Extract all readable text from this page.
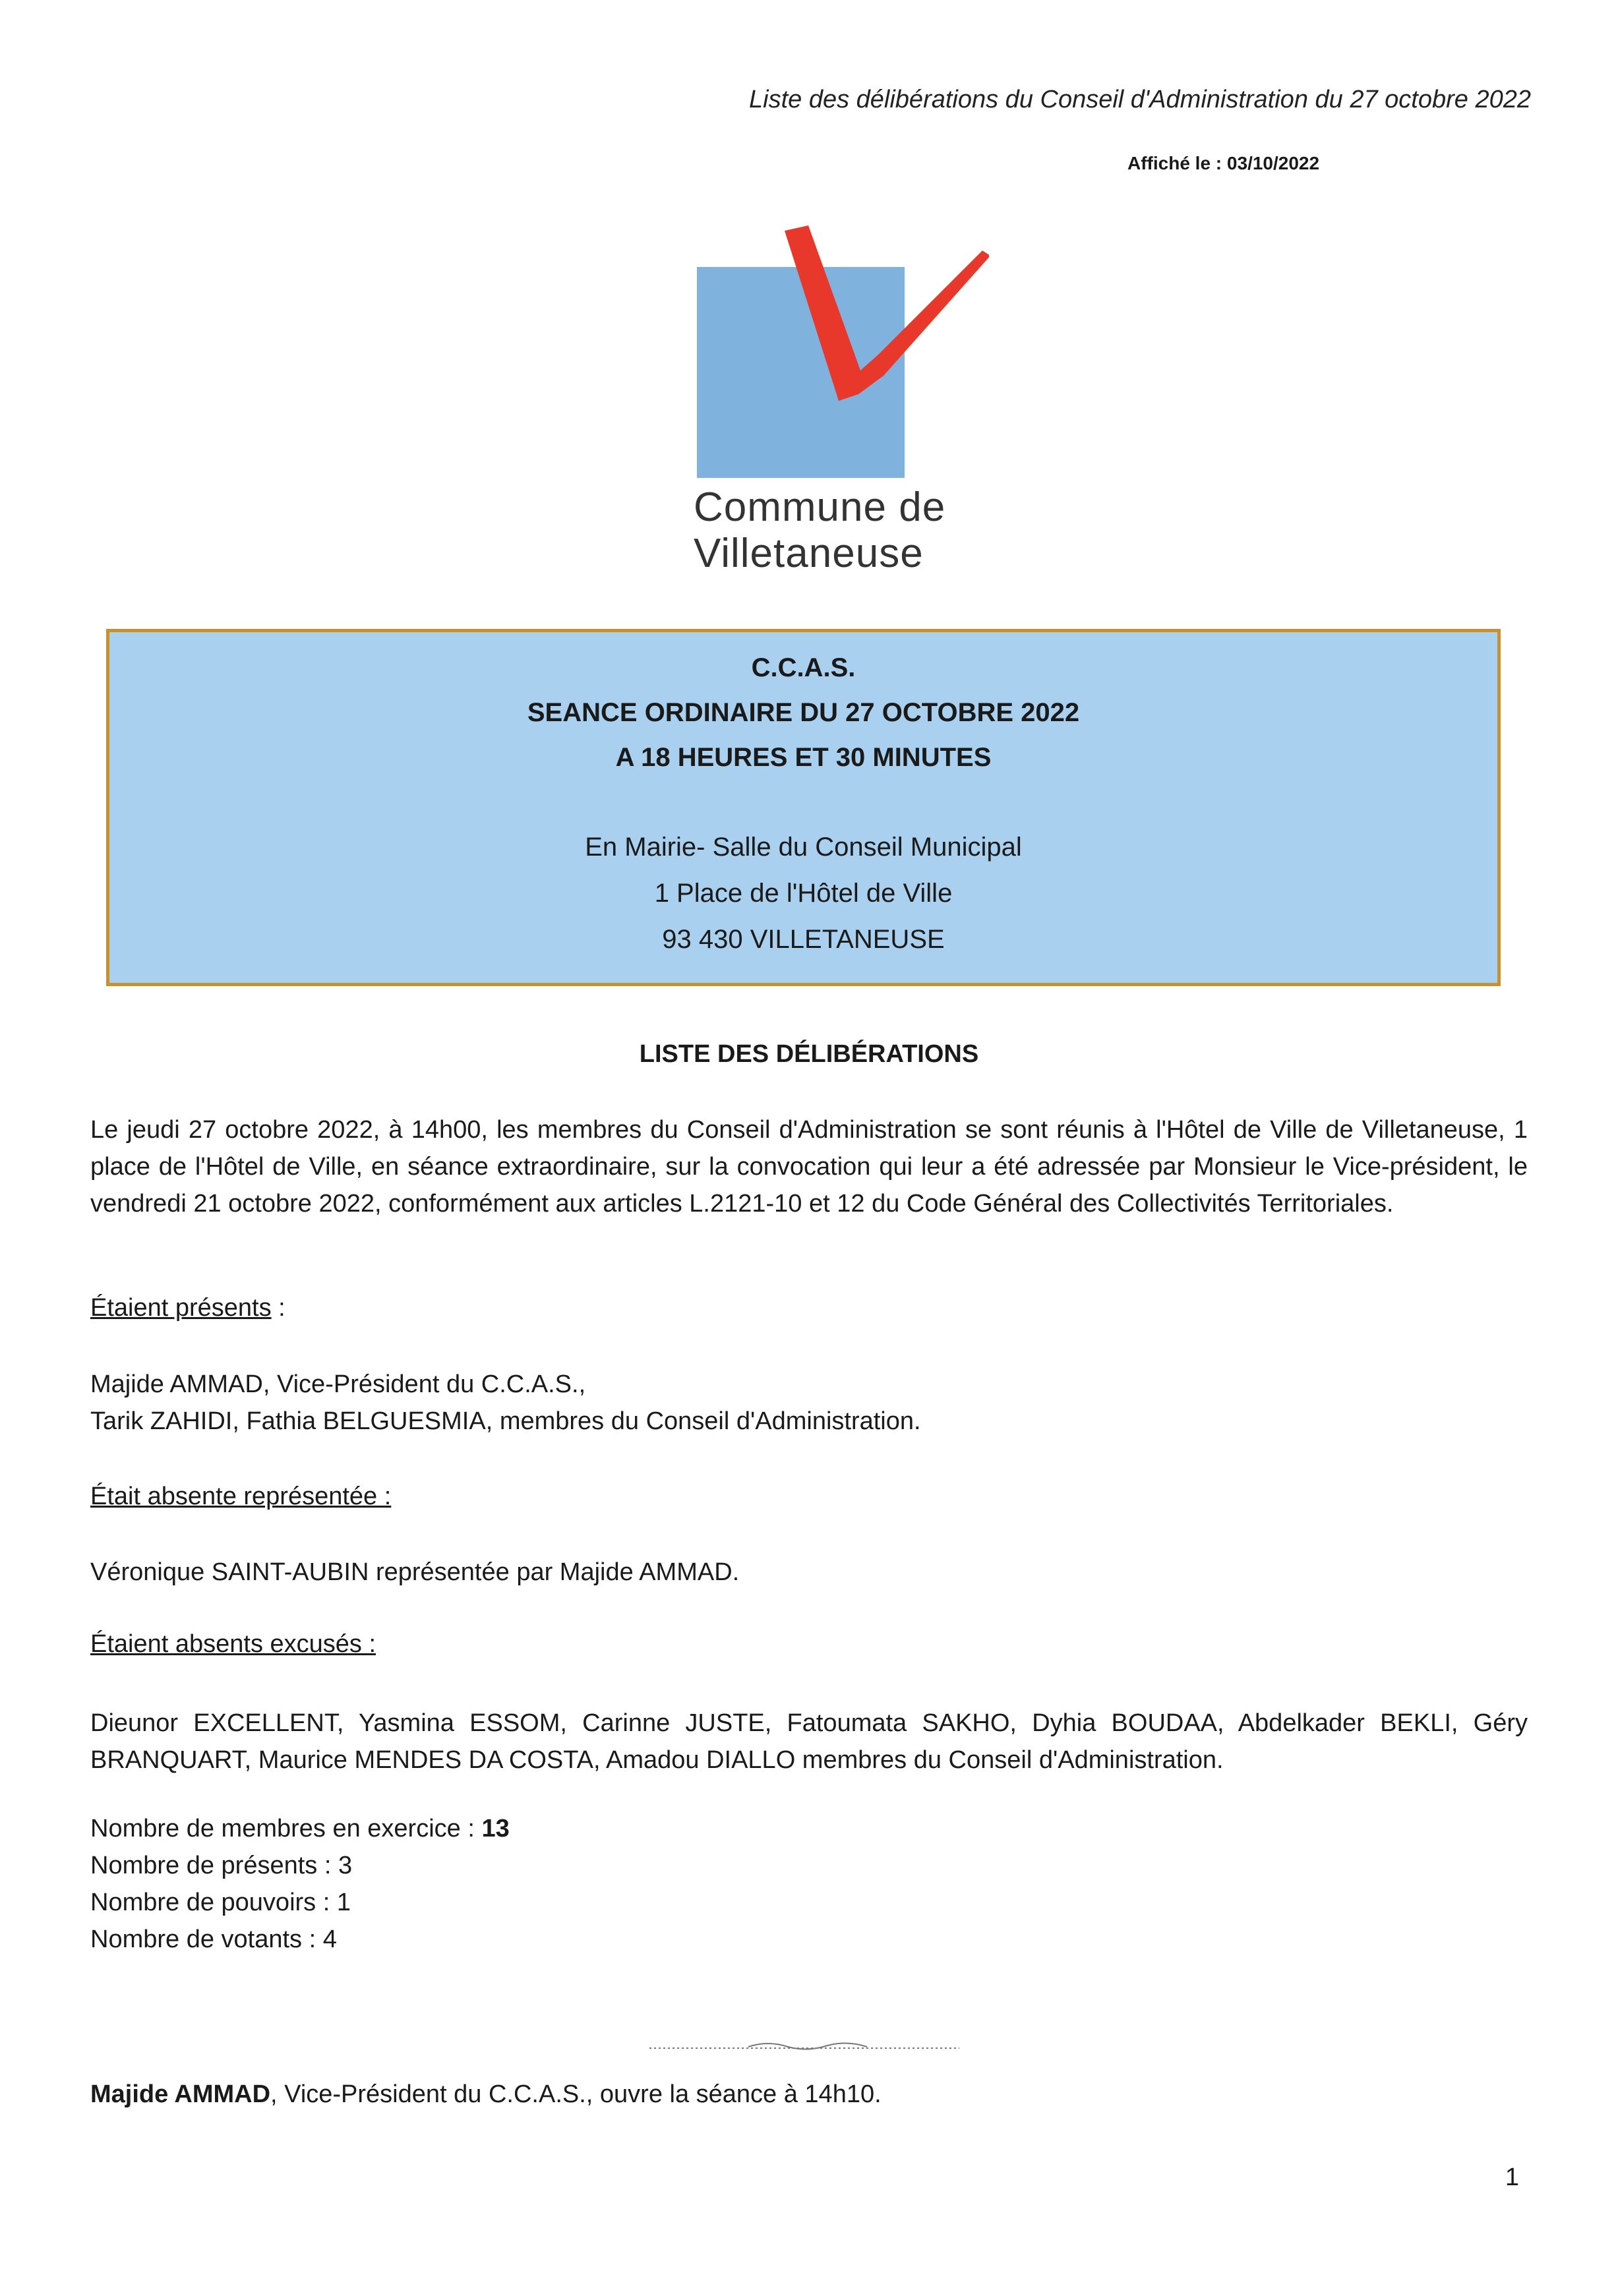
Liste des délibérations du Conseil d'Administration du 27 octobre 2022
Affiché le : 03/10/2022
Commune de
Villetaneuse
C.C.A.S.
SEANCE ORDINAIRE DU 27 OCTOBRE 2022
A 18 HEURES ET 30 MINUTES
En Mairie- Salle du Conseil Municipal
1 Place de l'Hôtel de Ville
93 430 VILLETANEUSE
LISTE DES DÉLIBÉRATIONS
Le jeudi 27 octobre 2022, à 14h00, les membres du Conseil d'Administration se sont réunis à l'Hôtel de Ville de Villetaneuse, 1 place de l'Hôtel de Ville, en séance extraordinaire, sur la convocation qui leur a été adressée par Monsieur le Vice-président, le vendredi 21 octobre 2022, conformément aux articles L.2121-10 et 12 du Code Général des Collectivités Territoriales.
Étaient présents :
Majide AMMAD, Vice-Président du C.C.A.S.,
Tarik ZAHIDI, Fathia BELGUESMIA, membres du Conseil d'Administration.
Était absente représentée :
Véronique SAINT-AUBIN représentée par Majide AMMAD.
Étaient absents excusés :
Dieunor EXCELLENT, Yasmina ESSOM, Carinne JUSTE, Fatoumata SAKHO, Dyhia BOUDAA, Abdelkader BEKLI, Géry BRANQUART, Maurice MENDES DA COSTA, Amadou DIALLO membres du Conseil d'Administration.
Nombre de membres en exercice : 13
Nombre de présents : 3
Nombre de pouvoirs : 1
Nombre de votants : 4
Majide AMMAD, Vice-Président du C.C.A.S., ouvre la séance à 14h10.
1
